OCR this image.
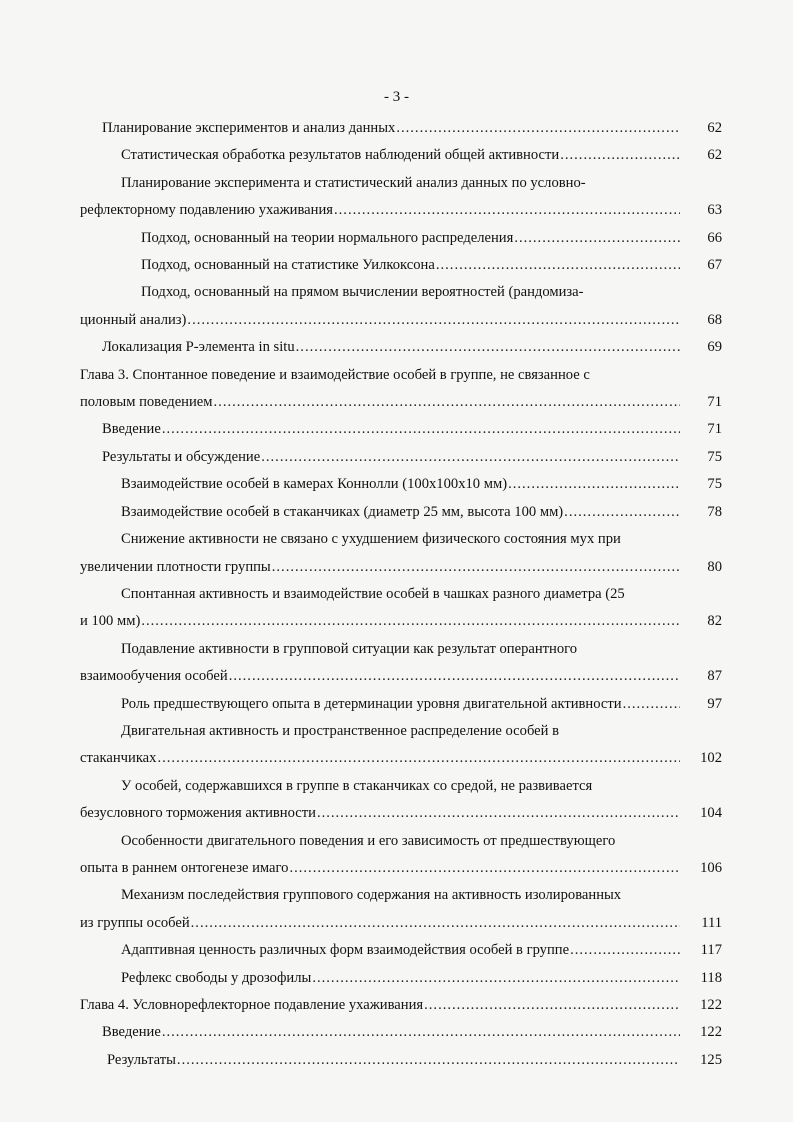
- 3 -
Планирование экспериментов и анализ данных .....	62
Статистическая обработка результатов наблюдений общей активности .....	62
Планирование эксперимента и статистический анализ данных по условно-
рефлекторному подавлению ухаживания .....	63
Подход, основанный на теории нормального распределения .....	66
Подход, основанный на статистике Уилкоксона .....	67
Подход, основанный на прямом вычислении вероятностей (рандомиза-
ционный анализ) .....	68
Локализация Р-элемента in situ .....	69
Глава 3. Спонтанное поведение и взаимодействие особей в группе, не связанное с
половым поведением .....	71
Введение .....	71
Результаты и обсуждение .....	75
Взаимодействие особей в камерах Коннолли (100х100х10 мм) .....	75
Взаимодействие особей в стаканчиках (диаметр 25 мм, высота 100 мм) .....	78
Снижение активности не связано с ухудшением физического состояния мух при
увеличении плотности группы .....	80
Спонтанная активность и взаимодействие особей в чашках разного диаметра (25
и 100 мм) .....	82
Подавление активности в групповой ситуации как результат оперантного
взаимообучения особей .....	87
Роль предшествующего опыта в детерминации уровня двигательной активности .....	97
Двигательная активность и пространственное распределение особей в
стаканчиках .....	102
У особей, содержавшихся в группе в стаканчиках со средой, не развивается
безусловного торможения активности .....	104
Особенности двигательного поведения и его зависимость от предшествующего
опыта в раннем онтогенезе имаго .....	106
Механизм последействия группового содержания на активность изолированных
из группы особей .....	111
Адаптивная ценность различных форм взаимодействия особей в группе .....	117
Рефлекс свободы у дрозофилы .....	118
Глава 4. Условнорефлекторное подавление ухаживания .....	122
Введение .....	122
Результаты .....	125
